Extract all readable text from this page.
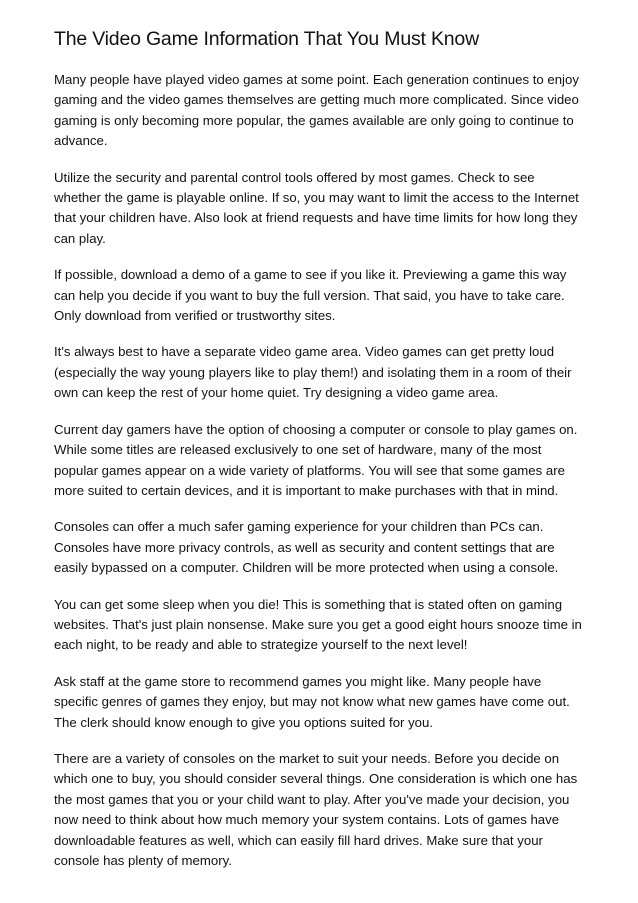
The Video Game Information That You Must Know

Many people have played video games at some point. Each generation continues to enjoy gaming and the video games themselves are getting much more complicated. Since video gaming is only becoming more popular, the games available are only going to continue to advance.

Utilize the security and parental control tools offered by most games. Check to see whether the game is playable online. If so, you may want to limit the access to the Internet that your children have. Also look at friend requests and have time limits for how long they can play.

If possible, download a demo of a game to see if you like it. Previewing a game this way can help you decide if you want to buy the full version. That said, you have to take care. Only download from verified or trustworthy sites.

It's always best to have a separate video game area. Video games can get pretty loud (especially the way young players like to play them!) and isolating them in a room of their own can keep the rest of your home quiet. Try designing a video game area.

Current day gamers have the option of choosing a computer or console to play games on. While some titles are released exclusively to one set of hardware, many of the most popular games appear on a wide variety of platforms. You will see that some games are more suited to certain devices, and it is important to make purchases with that in mind.

Consoles can offer a much safer gaming experience for your children than PCs can. Consoles have more privacy controls, as well as security and content settings that are easily bypassed on a computer. Children will be more protected when using a console.

You can get some sleep when you die! This is something that is stated often on gaming websites. That's just plain nonsense. Make sure you get a good eight hours snooze time in each night, to be ready and able to strategize yourself to the next level!

Ask staff at the game store to recommend games you might like. Many people have specific genres of games they enjoy, but may not know what new games have come out. The clerk should know enough to give you options suited for you.

There are a variety of consoles on the market to suit your needs. Before you decide on which one to buy, you should consider several things. One consideration is which one has the most games that you or your child want to play. After you've made your decision, you now need to think about how much memory your system contains. Lots of games have downloadable features as well, which can easily fill hard drives. Make sure that your console has plenty of memory.
